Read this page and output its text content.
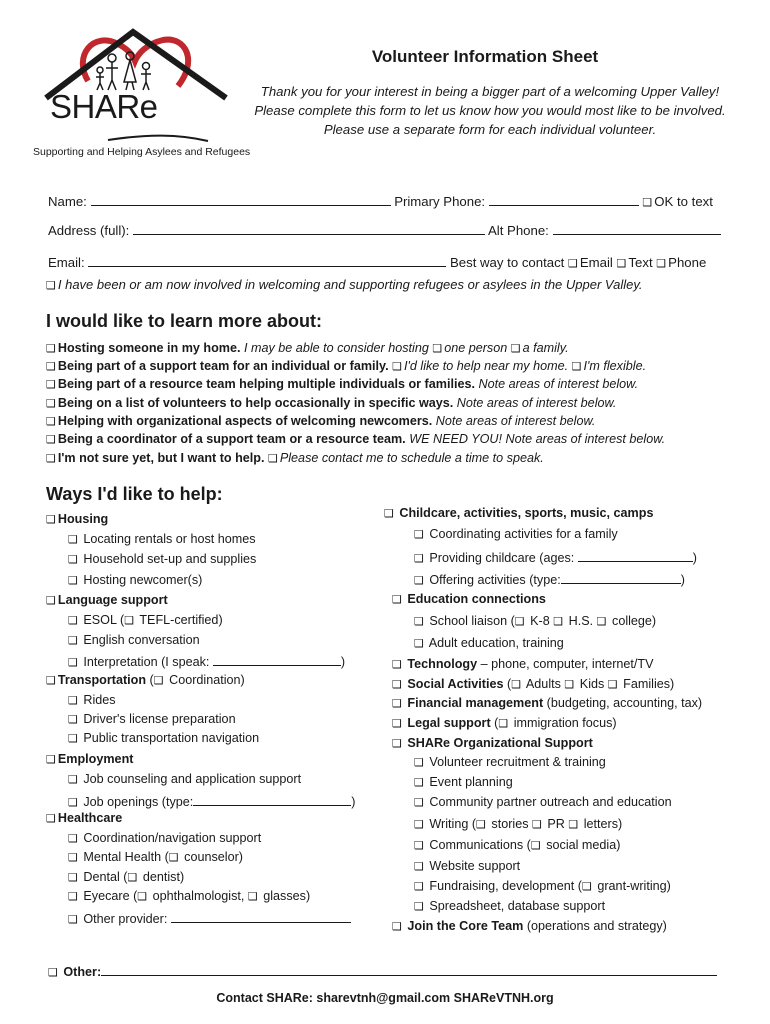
SHARe
Volunteer Information Sheet
Thank you for your interest in being a bigger part of a welcoming Upper Valley!
Please complete this form to let us know how you would most like to be involved.
Please use a separate form for each individual volunteer.
Supporting and Helping Asylees and Refugees
Name:	Primary Phone:	❑ OK to text
Address (full):	Alt Phone:
Email:	Best way to contact ❑ Email ❑ Text ❑ Phone
❑ I have been or am now involved in welcoming and supporting refugees or asylees in the Upper Valley.
I would like to learn more about:
❑ Hosting someone in my home. I may be able to consider hosting ❑ one person ❑ a family.
❑ Being part of a support team for an individual or family. ❑ I'd like to help near my home. ❑ I'm flexible.
❑ Being part of a resource team helping multiple individuals or families. Note areas of interest below.
❑ Being on a list of volunteers to help occasionally in specific ways. Note areas of interest below.
❑ Helping with organizational aspects of welcoming newcomers. Note areas of interest below.
❑ Being a coordinator of a support team or a resource team. WE NEED YOU! Note areas of interest below.
❑ I'm not sure yet, but I want to help. ❑ Please contact me to schedule a time to speak.
Ways I'd like to help:
❑ Housing
❑ Locating rentals or host homes
❑ Household set-up and supplies
❑ Hosting newcomer(s)
❑ Language support
❑ ESOL (❑ TEFL-certified)
❑ English conversation
❑ Interpretation (I speak:	)
❑ Transportation (❑ Coordination)
❑ Rides
❑ Driver's license preparation
❑ Public transportation navigation
❑ Employment
❑ Job counseling and application support
❑ Job openings (type:	)
❑ Healthcare
❑ Coordination/navigation support
❑ Mental Health (❑ counselor)
❑ Dental (❑ dentist)
❑ Eyecare (❑ ophthalmologist, ❑ glasses)
❑ Other provider:
❑ Childcare, activities, sports, music, camps
❑ Coordinating activities for a family
❑ Providing childcare (ages:	)
❑ Offering activities (type:	)
❑ Education connections
❑ School liaison (❑ K-8 ❑ H.S. ❑ college)
❑ Adult education, training
❑ Technology – phone, computer, internet/TV
❑ Social Activities (❑ Adults ❑ Kids ❑ Families)
❑ Financial management (budgeting, accounting, tax)
❑ Legal support (❑ immigration focus)
❑ SHARe Organizational Support
❑ Volunteer recruitment & training
❑ Event planning
❑ Community partner outreach and education
❑ Writing (❑ stories ❑ PR ❑ letters)
❑ Communications (❑ social media)
❑ Website support
❑ Fundraising, development (❑ grant-writing)
❑ Spreadsheet, database support
❑ Join the Core Team (operations and strategy)
❑ Other:
Contact SHARe: sharevtnh@gmail.com SHAReVTNH.org
